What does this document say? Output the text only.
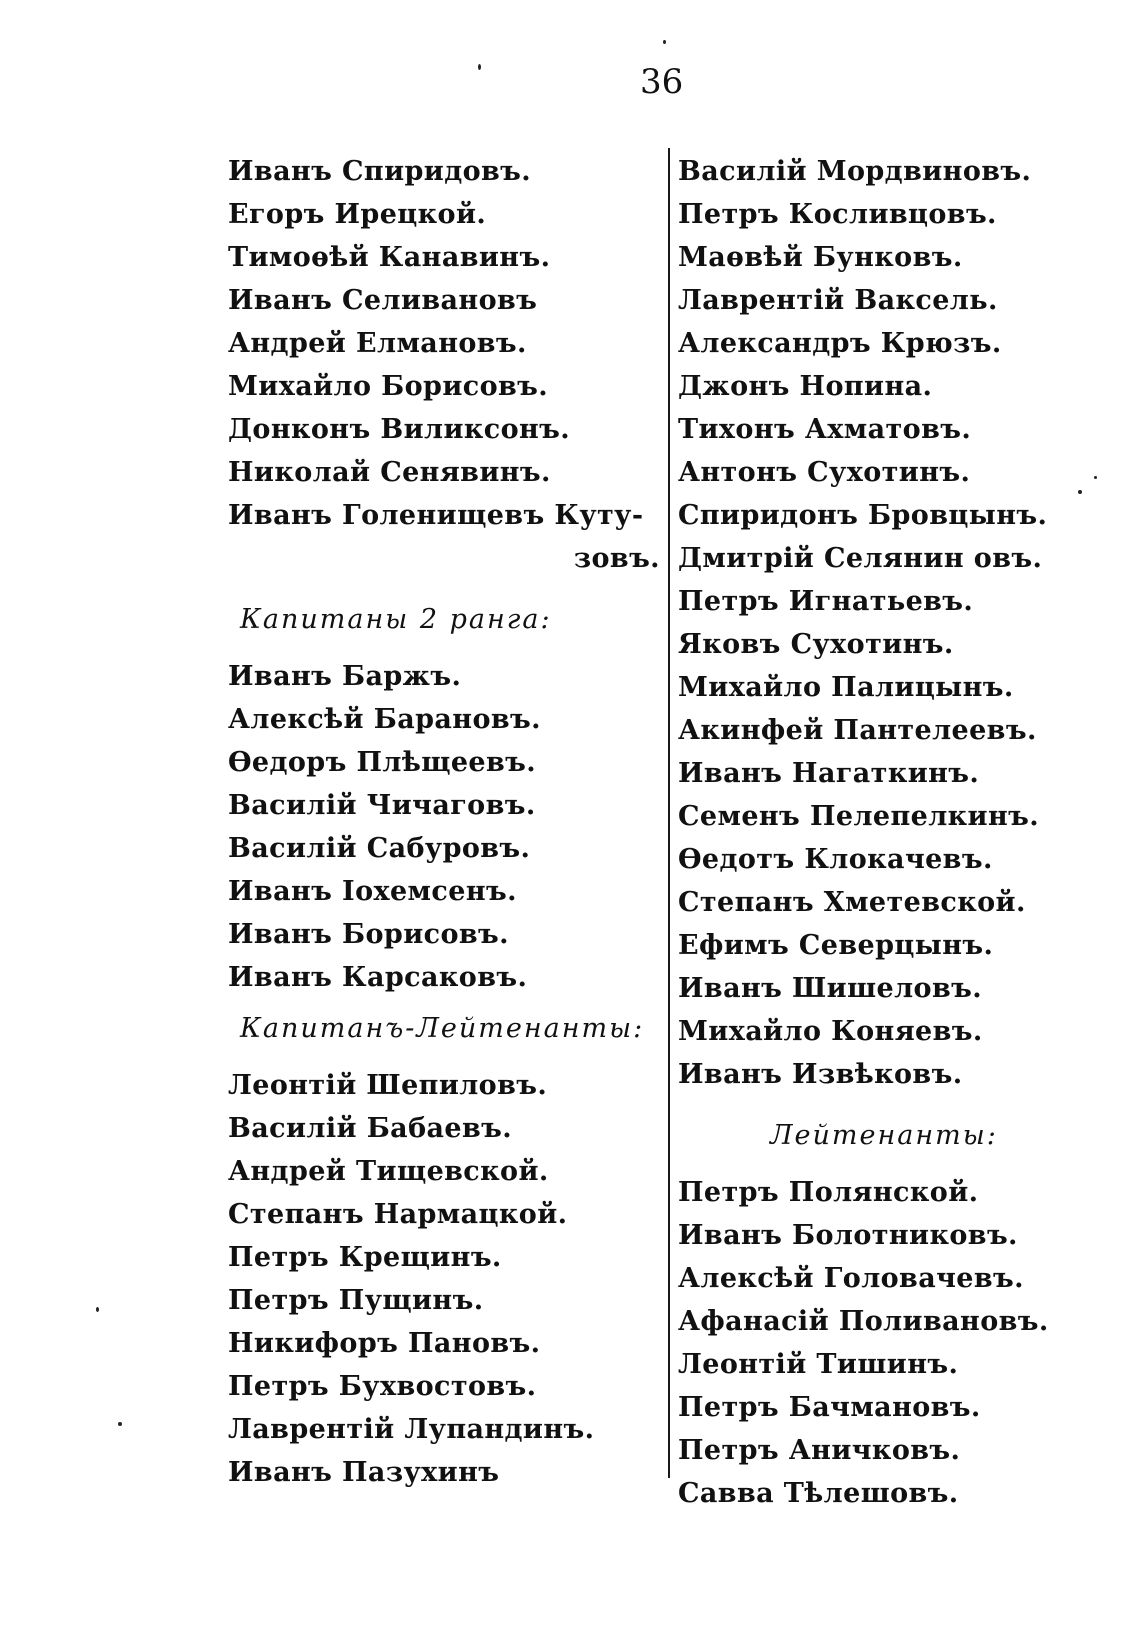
36
Иванъ Спиридовъ.
Егоръ Ирецкой.
Тимоѳѣй Канавинъ.
Иванъ Селивановъ
Андрей Елмановъ.
Михайло Борисовъ.
Донконъ Виликсонъ.
Николай Сенявинъ.
Иванъ Голенищевъ Куту-
зовъ.
Капитаны 2 ранга:
Иванъ Баржъ.
Алексѣй Барановъ.
Ѳедоръ Плѣщеевъ.
Василій Чичаговъ.
Василій Сабуровъ.
Иванъ Іохемсенъ.
Иванъ Борисовъ.
Иванъ Карсаковъ.
Капитанъ-Лейтенанты:
Леонтій Шепиловъ.
Василій Бабаевъ.
Андрей Тищевской.
Степанъ Нармацкой.
Петръ Крещинъ.
Петръ Пущинъ.
Никифоръ Пановъ.
Петръ Бухвостовъ.
Лаврентій Лупандинъ.
Иванъ Пазухинъ
Василій Мордвиновъ.
Петръ Косливцовъ.
Маѳвѣй Бунковъ.
Лаврентій Ваксель.
Александръ Крюзъ.
Джонъ Нопина.
Тихонъ Ахматовъ.
Антонъ Сухотинъ.
Спиридонъ Бровцынъ.
Дмитрій Селянин овъ.
Петръ Игнатьевъ.
Яковъ Сухотинъ.
Михайло Палицынъ.
Акинфей Пантелеевъ.
Иванъ Нагаткинъ.
Семенъ Пелепелкинъ.
Ѳедотъ Клокачевъ.
Степанъ Хметевской.
Ефимъ Северцынъ.
Иванъ Шишеловъ.
Михайло Коняевъ.
Иванъ Извѣковъ.
Лейтенанты:
Петръ Полянской.
Иванъ Болотниковъ.
Алексѣй Головачевъ.
Афанасій Поливановъ.
Леонтій Тишинъ.
Петръ Бачмановъ.
Петръ Аничковъ.
Савва Тѣлешовъ.
